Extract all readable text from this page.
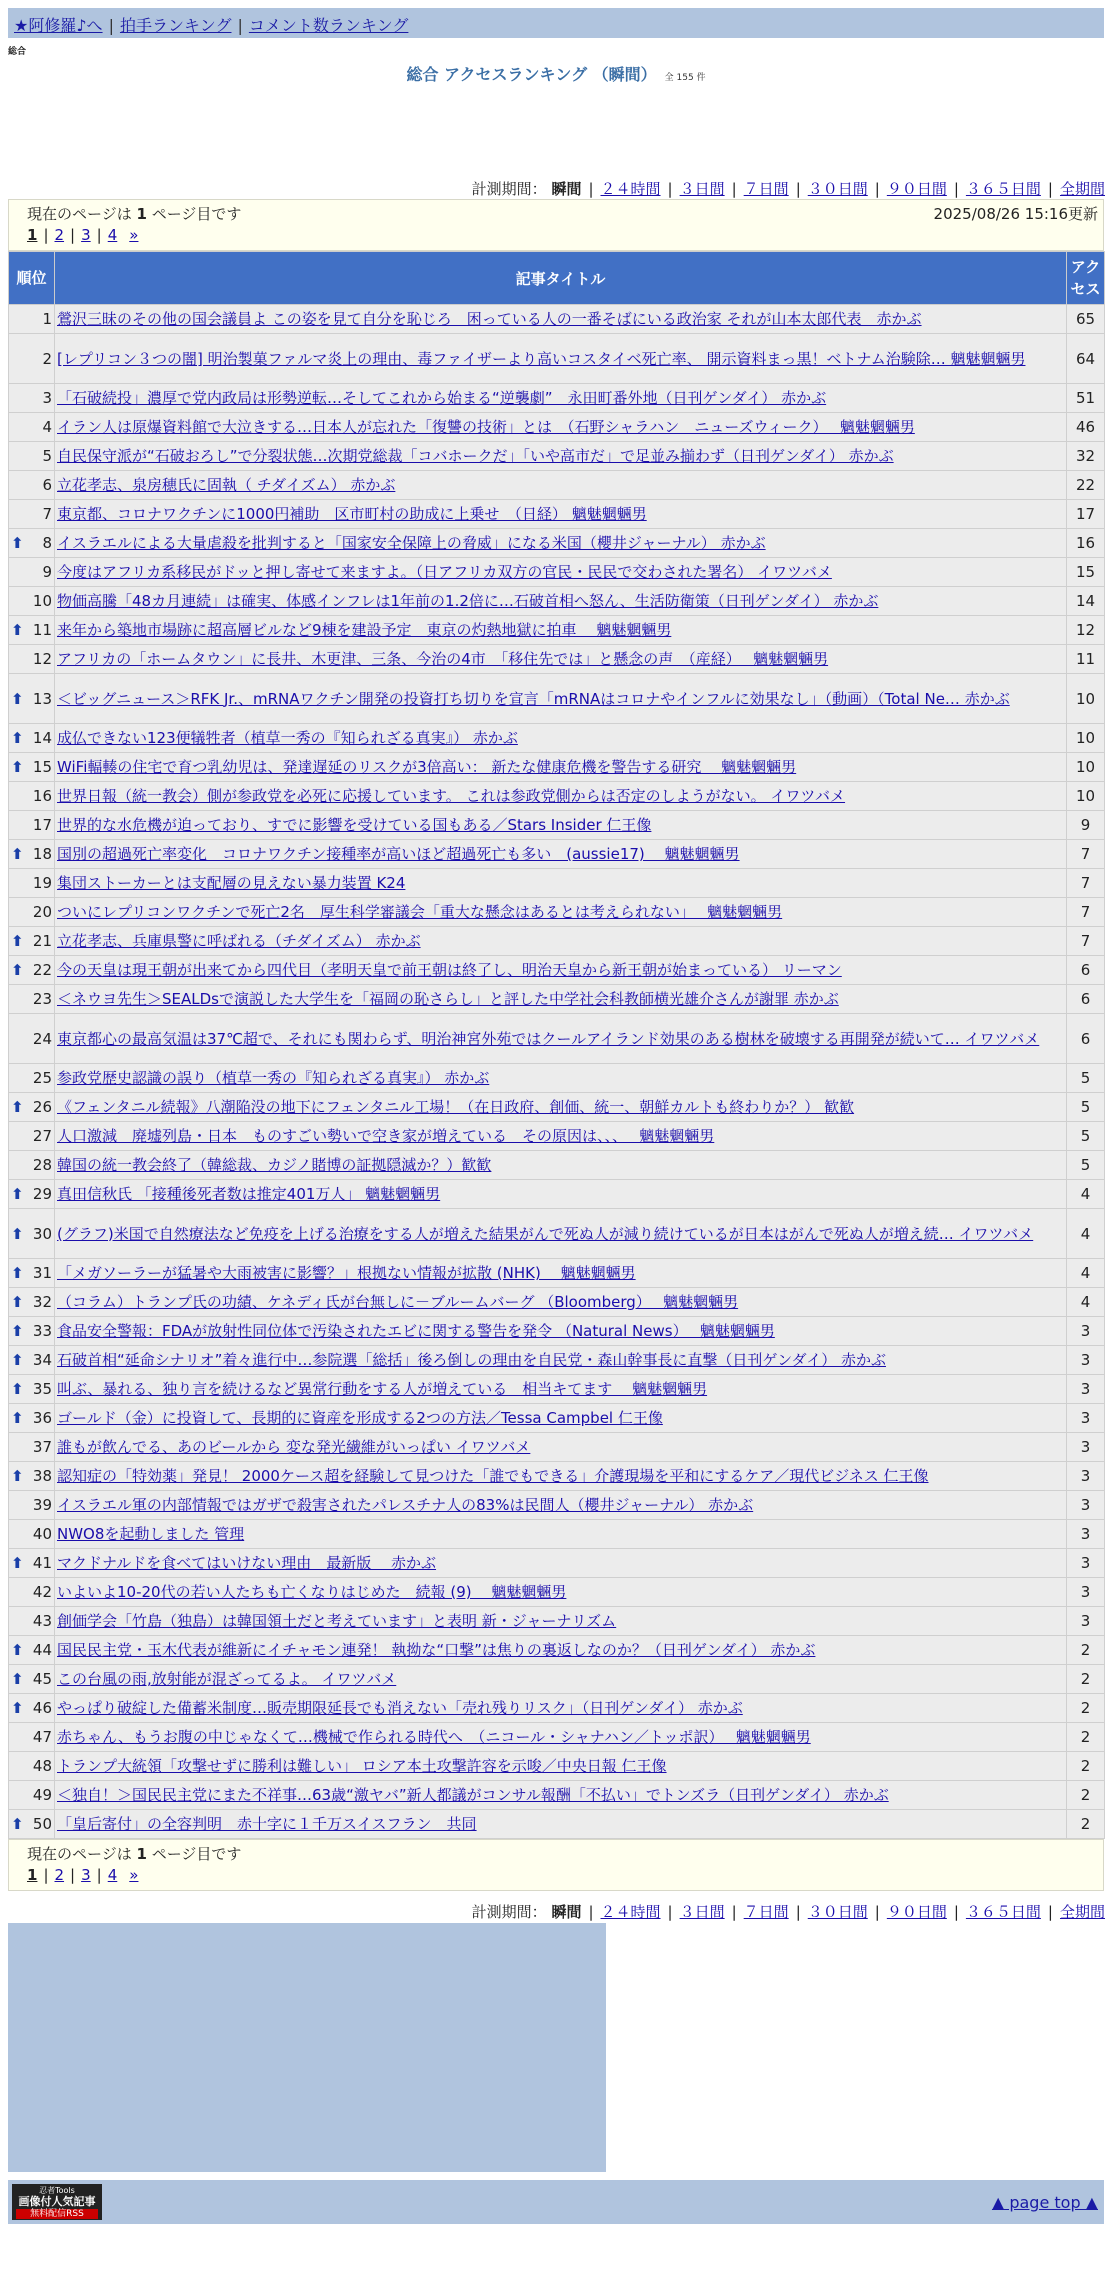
★阿修羅♪へ | 拍手ランキング | コメント数ランキング
総合
総合 アクセスランキング （瞬間） 全 155 件
計測期間： 瞬間 | ２４時間 | ３日間 | ７日間 | ３０日間 | ９０日間 | ３６５日間 | 全期間
現在のページは 1 ページ目です	2025/08/26 15:16更新
1 | 2 | 3 | 4 »
順位	記事タイトル	アクセス
1	鶯沢三昧のその他の国会議員よ この姿を見て自分を恥じろ　困っている人の一番そばにいる政治家 それが山本太郎代表　赤かぶ	65
2	[レプリコン３つの闇] 明治製菓ファルマ炎上の理由、毒ファイザーより高いコスタイベ死亡率、 開示資料まっ黒！ベトナム治験除… 魑魅魍魎男	64
3	「石破続投」濃厚で党内政局は形勢逆転…そしてこれから始まる“逆襲劇”　永田町番外地（日刊ゲンダイ） 赤かぶ	51
4	イラン人は原爆資料館で大泣きする…日本人が忘れた「復讐の技術」とは　（石野シャラハン　ニューズウィーク）　 魑魅魍魎男	46
5	自民保守派が“石破おろし”で分裂状態…次期党総裁「コバホークだ」「いや高市だ」で足並み揃わず（日刊ゲンダイ） 赤かぶ	32
6	立花孝志、泉房穂氏に固執（ チダイズム） 赤かぶ	22
7	東京都、コロナワクチンに1000円補助　区市町村の助成に上乗せ　（日経） 魑魅魍魎男	17

⬆ 8	イスラエルによる大量虐殺を批判すると「国家安全保障上の脅威」になる米国（櫻井ジャーナル） 赤かぶ	16
9	今度はアフリカ系移民がドッと押し寄せて来ますよ。（日アフリカ双方の官民・民民で交わされた署名） イワツバメ	15
10	物価高騰「48カ月連続」は確実、体感インフレは1年前の1.2倍に…石破首相へ怒ん、生活防衛策（日刊ゲンダイ） 赤かぶ	14

⬆ 11	来年から築地市場跡に超高層ビルなど9棟を建設予定　東京の灼熱地獄に拍車　 魑魅魍魎男	12
12	アフリカの「ホームタウン」に長井、木更津、三条、今治の4市　「移住先では」と懸念の声　（産経）　 魑魅魍魎男	11

⬆ 13	＜ビッグニュース＞RFK Jr.、mRNAワクチン開発の投資打ち切りを宣言「mRNAはコロナやインフルに効果なし」（動画）（Total Ne… 赤かぶ	10

⬆ 14	成仏できない123便犠牲者（植草一秀の『知られざる真実』） 赤かぶ	10

⬆ 15	WiFi輻輳の住宅で育つ乳幼児は、発達遅延のリスクが3倍高い： 新たな健康危機を警告する研究　 魑魅魍魎男	10
16	世界日報（統一教会）側が参政党を必死に応援しています。 これは参政党側からは否定のしようがない。 イワツバメ	10
17	世界的な水危機が迫っており、すでに影響を受けている国もある／Stars Insider 仁王像	9

⬆ 18	国別の超過死亡率変化　コロナワクチン接種率が高いほど超過死亡も多い　(aussie17)　 魑魅魍魎男	7
19	集団ストーカーとは支配層の見えない暴力装置 K24	7
20	ついにレプリコンワクチンで死亡2名　厚生科学審議会「重大な懸念はあるとは考えられない」　 魑魅魍魎男	7

⬆ 21	立花孝志、兵庫県警に呼ばれる（チダイズム） 赤かぶ	7

⬆ 22	今の天皇は現王朝が出来てから四代目（孝明天皇で前王朝は終了し、明治天皇から新王朝が始まっている） リーマン	6
23	＜ネウヨ先生＞SEALDsで演説した大学生を「福岡の恥さらし」と評した中学社会科教師横光雄介さんが謝罪 赤かぶ	6
24	東京都心の最高気温は37℃超で、それにも関わらず、明治神宮外苑ではクールアイランド効果のある樹林を破壊する再開発が続いて… イワツバメ	6
25	参政党歴史認識の誤り（植草一秀の『知られざる真実』） 赤かぶ	5

⬆ 26	《フェンタニル続報》八潮陥没の地下にフェンタニル工場！（在日政府、創価、統一、朝鮮カルトも終わりか？） 歓歓	5
27	人口激減　廃墟列島・日本　ものすごい勢いで空き家が増えている　その原因は、、、　 魑魅魍魎男	5
28	韓国の統一教会終了（韓総裁、カジノ賭博の証拠隠滅か？）歓歓	5

⬆ 29	真田信秋氏 「接種後死者数は推定401万人」 魑魅魍魎男	4

⬆ 30	(グラフ)米国で自然療法など免疫を上げる治療をする人が増えた結果がんで死ぬ人が減り続けているが日本はがんで死ぬ人が増え続… イワツバメ	4

⬆ 31	「メガソーラーが猛暑や大雨被害に影響？」根拠ない情報が拡散 (NHK)　 魑魅魍魎男	4

⬆ 32	（コラム）トランプ氏の功績、ケネディ氏が台無しに－ブルームバーグ （Bloomberg）　 魑魅魍魎男	4

⬆ 33	食品安全警報：FDAが放射性同位体で汚染されたエビに関する警告を発令 （Natural News）　 魑魅魍魎男	3

⬆ 34	石破首相“延命シナリオ”着々進行中…参院選「総括」後ろ倒しの理由を自民党・森山幹事長に直撃（日刊ゲンダイ） 赤かぶ	3

⬆ 35	叫ぶ、暴れる、独り言を続けるなど異常行動をする人が増えている　相当キてます　 魑魅魍魎男	3

⬆ 36	ゴールド（金）に投資して、長期的に資産を形成する2つの方法／Tessa Campbel 仁王像	3
37	誰もが飲んでる、あのビールから 変な発光繊維がいっぱい イワツバメ	3

⬆ 38	認知症の「特効薬」発見！ 2000ケース超を経験して見つけた「誰でもできる」介護現場を平和にするケア／現代ビジネス 仁王像	3
39	イスラエル軍の内部情報ではガザで殺害されたパレスチナ人の83%は民間人（櫻井ジャーナル） 赤かぶ	3
40	NWO8を起動しました 管理	3

⬆ 41	マクドナルドを食べてはいけない理由　最新版　 赤かぶ	3
42	いよいよ10-20代の若い人たちも亡くなりはじめた　続報 (9)　 魑魅魍魎男	3
43	創価学会「竹島（独島）は韓国領土だと考えています」と表明 新・ジャーナリズム	3

⬆ 44	国民民主党・玉木代表が維新にイチャモン連発！ 執拗な“口撃”は焦りの裏返しなのか？（日刊ゲンダイ） 赤かぶ	2

⬆ 45	この台風の雨,放射能が混ざってるよ。 イワツバメ	2

⬆ 46	やっぱり破綻した備蓄米制度…販売期限延長でも消えない「売れ残りリスク」（日刊ゲンダイ） 赤かぶ	2
47	赤ちゃん、もうお腹の中じゃなくて…機械で作られる時代へ　（ニコール・シャナハン／トッポ訳）　 魑魅魍魎男	2
48	トランプ大統領「攻撃せずに勝利は難しい」 ロシア本土攻撃許容を示唆／中央日報 仁王像	2
49	＜独自！＞国民民主党にまた不祥事…63歳“激ヤバ”新人都議がコンサル報酬「不払い」でトンズラ（日刊ゲンダイ） 赤かぶ	2

⬆ 50	「皇后寄付」の全容判明　赤十字に１千万スイスフラン　共同	2
計測期間： 瞬間 | ２４時間 | ３日間 | ７日間 | ３０日間 | ９０日間 | ３６５日間 | 全期間
現在のページは 1 ページ目です
1 | 2 | 3 | 4 »
忍者Tools
画像付人気記事
無料配信RSS
▲ page top ▲
